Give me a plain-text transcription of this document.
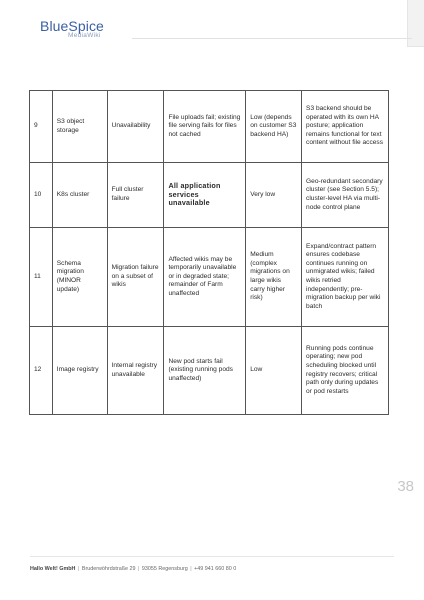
BlueSpice
MediaWiki
9	S3 object storage	Unavailability	File uploads fail; existing file serving fails for files not cached	Low (depends on customer S3 backend HA)	S3 backend should be operated with its own HA posture; application remains functional for text content without file access
10	K8s cluster	Full cluster failure	All application services unavailable	Very low	Geo-redundant secondary cluster (see Section 5.5); cluster-level HA via multi-node control plane
11	Schema migration (MINOR update)	Migration failure on a subset of wikis	Affected wikis may be temporarily unavailable or in degraded state; remainder of Farm unaffected	Medium (complex migrations on large wikis carry higher risk)	Expand/contract pattern ensures codebase continues running on unmigrated wikis; failed wikis retried independently; pre-migration backup per wiki batch
12	Image registry	Internal registry unavailable	New pod starts fail (existing running pods unaffected)	Low	Running pods continue operating; new pod scheduling blocked until registry recovers; critical path only during updates or pod restarts
38
Hallo Welt! GmbH | Bruderwöhrdstraße 29 | 93055 Regensburg | +49 941 660 80 0
